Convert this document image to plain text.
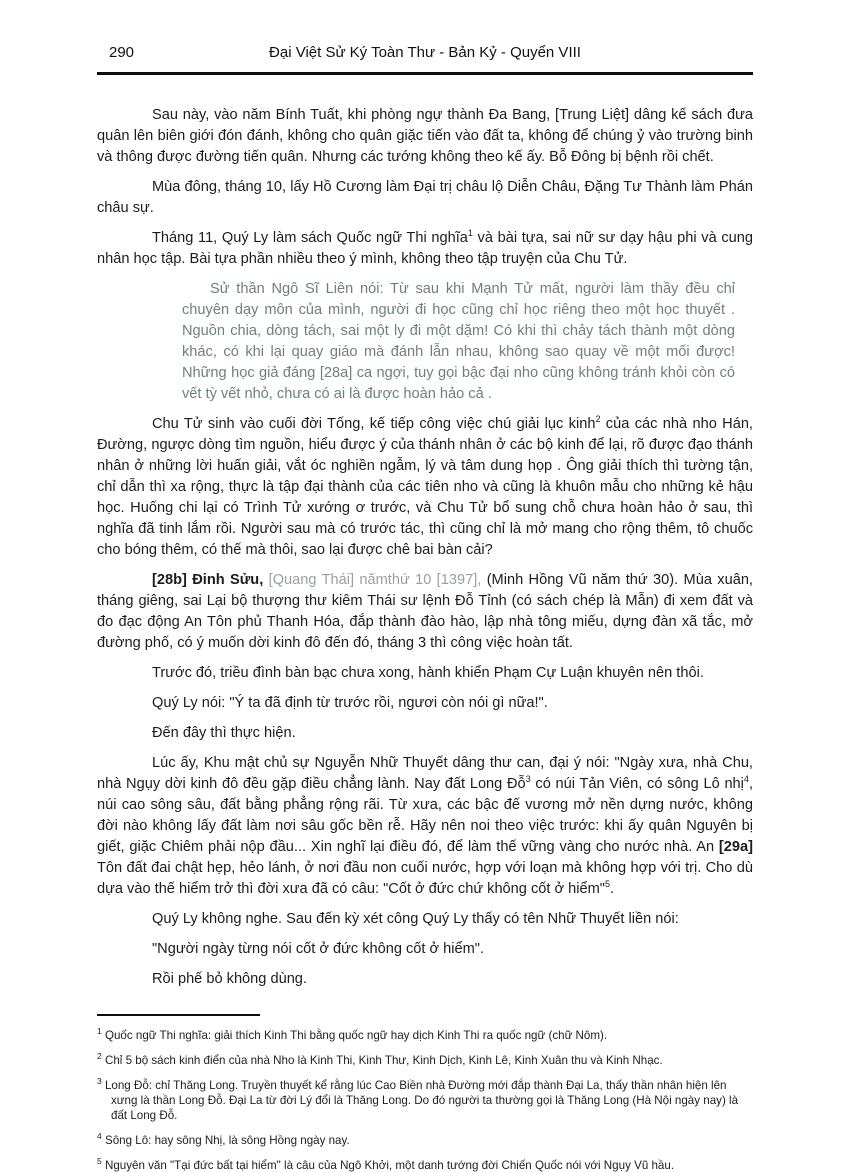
290	Đại Việt Sử Ký Toàn Thư - Bản Kỷ - Quyển VIII

Sau này, vào năm Bính Tuất, khi phòng ngự thành Đa Bang, [Trung Liệt] dâng kế sách đưa quân lên biên giới đón đánh, không cho quân giặc tiến vào đất ta, không để chúng ỷ vào trường binh và thông được đường tiến quân. Nhưng các tướng không theo kế ấy. Bỗ Đông bị bệnh rồi chết.

Mùa đông, tháng 10, lấy Hồ Cương làm Đại trị châu lộ Diễn Châu, Đặng Tư Thành làm Phán châu sự.

Tháng 11, Quý Ly làm sách Quốc ngữ Thi nghĩa$^1$ và bài tựa, sai nữ sư dạy hậu phi và cung nhân học tập. Bài tựa phần nhiều theo ý mình, không theo tập truyện của Chu Tử.

Sử thần Ngô Sĩ Liên nói: Từ sau khi Mạnh Tử mất, người làm thầy đều chỉ chuyên dạy môn của mình, người đi học cũng chỉ học riêng theo một học thuyết . Nguồn chia, dòng tách, sai một ly đi một dặm! Có khi thì chảy tách thành một dòng khác, có khi lại quay giáo mà đánh lẫn nhau, không sao quay về một mối được! Những học giả đáng [28a] ca ngợi, tuy gọi bậc đại nho cũng không tránh khỏi còn có vết tỳ vết nhỏ, chưa có ai là được hoàn hảo cả .

Chu Tử sinh vào cuối đời Tống, kế tiếp công việc chú giải lục kinh$^2$ của các nhà nho Hán, Đường, ngược dòng tìm nguồn, hiểu được ý của thánh nhân ở các bộ kinh để lại, rõ được đạo thánh nhân ở những lời huấn giải, vắt óc nghiền ngẫm, lý và tâm dung họp . Ông giải thích thì tường tận, chỉ dẫn thì xa rộng, thực là tập đại thành của các tiên nho và cũng là khuôn mẫu cho những kẻ hậu học. Huống chi lại có Trình Tử xướng ơ trước, và Chu Tử bổ sung chỗ chưa hoàn hảo ở sau, thì nghĩa đã tinh lắm rồi. Người sau mà có trước tác, thì cũng chỉ là mở mang cho rộng thêm, tô chuốc cho bóng thêm, có thế mà thôi, sao lại được chê bai bàn cải?

[28b] Đinh Sửu, [Quang Thái] nămthứ 10 [1397], (Minh Hồng Vũ năm thứ 30). Mùa xuân, tháng giêng, sai Lại bộ thượng thư kiêm Thái sư lệnh Đỗ Tỉnh (có sách chép là Mẫn) đi xem đất và đo đạc động An Tôn phủ Thanh Hóa, đắp thành đào hào, lập nhà tông miếu, dựng đàn xã tắc, mở đường phố, có ý muốn dời kinh đô đến đó, tháng 3 thì công việc hoàn tất.

Trước đó, triều đình bàn bạc chưa xong, hành khiển Phạm Cự Luận khuyên nên thôi.

Quý Ly nói: "Ý ta đã định từ trước rồi, ngươi còn nói gì nữa!".

Đến đây thì thực hiện.

Lúc ấy, Khu mật chủ sự Nguyễn Nhữ Thuyết dâng thư can, đại ý nói: "Ngày xưa, nhà Chu, nhà Ngụy dời kinh đô đều gặp điều chẳng lành. Nay đất Long Đỗ$^3$ có núi Tản Viên, có sông Lô nhị$^4$, núi cao sông sâu, đất bằng phẳng rộng rãi. Từ xưa, các bậc đế vương mở nền dựng nước, không đời nào không lấy đất làm nơi sâu gốc bền rễ. Hãy nên noi theo việc trước: khi ấy quân Nguyên bị giết, giặc Chiêm phải nộp đầu... Xin nghĩ lại điều đó, để làm thế vững vàng cho nước nhà. An [29a] Tôn đất đai chật hẹp, hẻo lánh, ở nơi đầu non cuối nước, hợp với loạn mà không hợp với trị. Cho dù dựa vào thế hiểm trở thì đời xưa đã có câu: "Cốt ở đức chứ không cốt ở hiểm"$^5$.

Quý Ly không nghe. Sau đến kỳ xét công Quý Ly thấy có tên Nhữ Thuyết liền nói:

"Người ngày từng nói cốt ở đức không cốt ở hiểm".

Rồi phế bỏ không dùng.

$^1$ Quốc ngữ Thi nghĩa: giải thích Kinh Thi bằng quốc ngữ hay dịch Kinh Thi ra quốc ngữ (chữ Nôm).
$^2$ Chỉ 5 bộ sách kinh điển của nhà Nho là Kinh Thi, Kinh Thư, Kinh Dịch, Kinh Lê, Kinh Xuân thu và Kinh Nhạc.
$^3$ Long Đỗ: chỉ Thăng Long. Truyền thuyết kể rằng lúc Cao Biền nhà Đường mới đắp thành Đại La, thấy thần nhân hiện lên xưng là thần Long Đỗ. Đại La từ đời Lý đổi là Thăng Long. Do đó người ta thường gọi là Thăng Long (Hà Nội ngày nay) là đất Long Đỗ.
$^4$ Sông Lô: hay sông Nhị, là sông Hồng ngày nay.
$^5$ Nguyên văn "Tại đức bất tại hiểm" là câu của Ngô Khởi, một danh tướng đời Chiến Quốc nói với Ngụy Vũ hầu.
